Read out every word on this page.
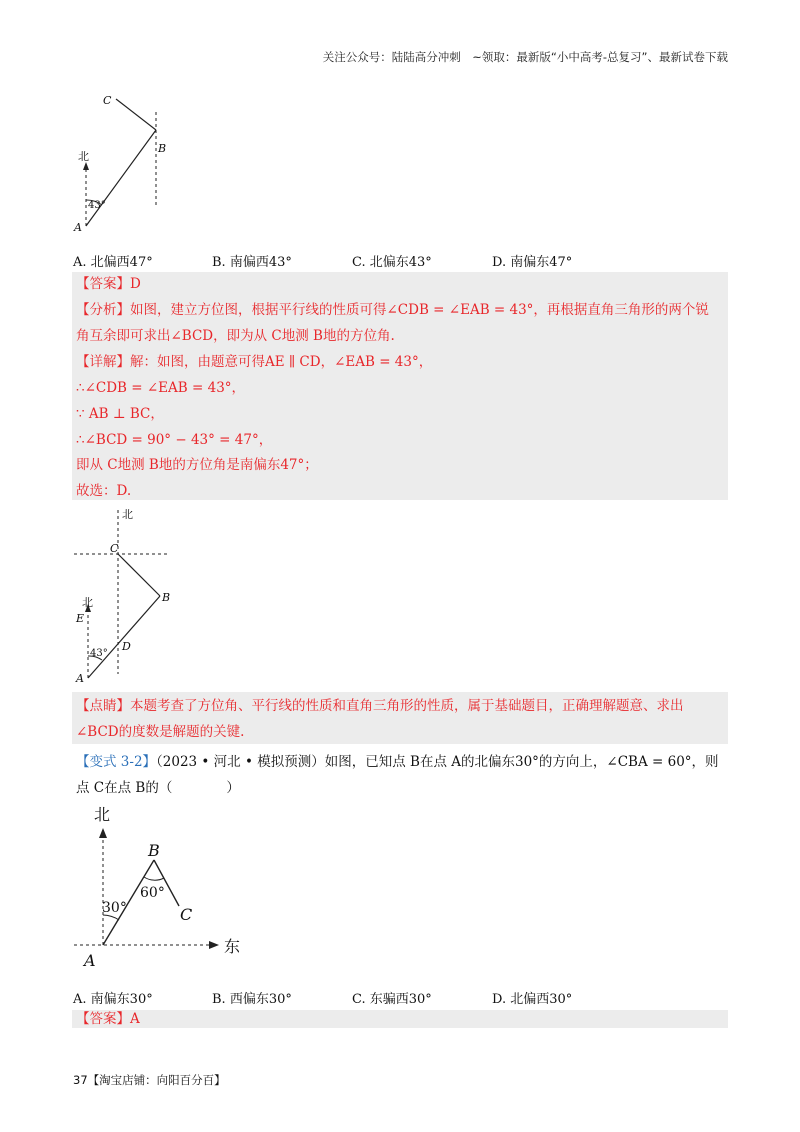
关注公众号：陆陆高分冲刺　~领取：最新版“小中高考-总复习”、最新试卷下载
C
B
北
A
43°
A. 北偏西47°	B. 南偏西43°	C. 北偏东43°	D. 南偏东47°
【答案】D
【分析】如图，建立方位图，根据平行线的性质可得∠CDB = ∠EAB = 43°，再根据直角三角形的两个锐
角互余即可求出∠BCD，即为从 C地测 B地的方位角.
【详解】解：如图，由题意可得AE ∥ CD，∠EAB = 43°，
∴∠CDB = ∠EAB = 43°，
∵ AB ⊥ BC，
∴∠BCD = 90° − 43° = 47°，
即从 C地测 B地的方位角是南偏东47°；
故选：D.
北
C
B
北
E
D
A
43°
【点睛】本题考查了方位角、平行线的性质和直角三角形的性质，属于基础题目，正确理解题意、求出
∠BCD的度数是解题的关键.
【变式 3-2】（2023 • 河北 • 模拟预测）如图，已知点 B在点 A的北偏东30°的方向上，∠CBA = 60°，则
点 C在点 B的（　　　　）
北
B
60°
30°	C
A
东
A. 南偏东30°	B. 西偏东30°	C. 东骗西30°	D. 北偏西30°
【答案】A
37【淘宝店铺：向阳百分百】
